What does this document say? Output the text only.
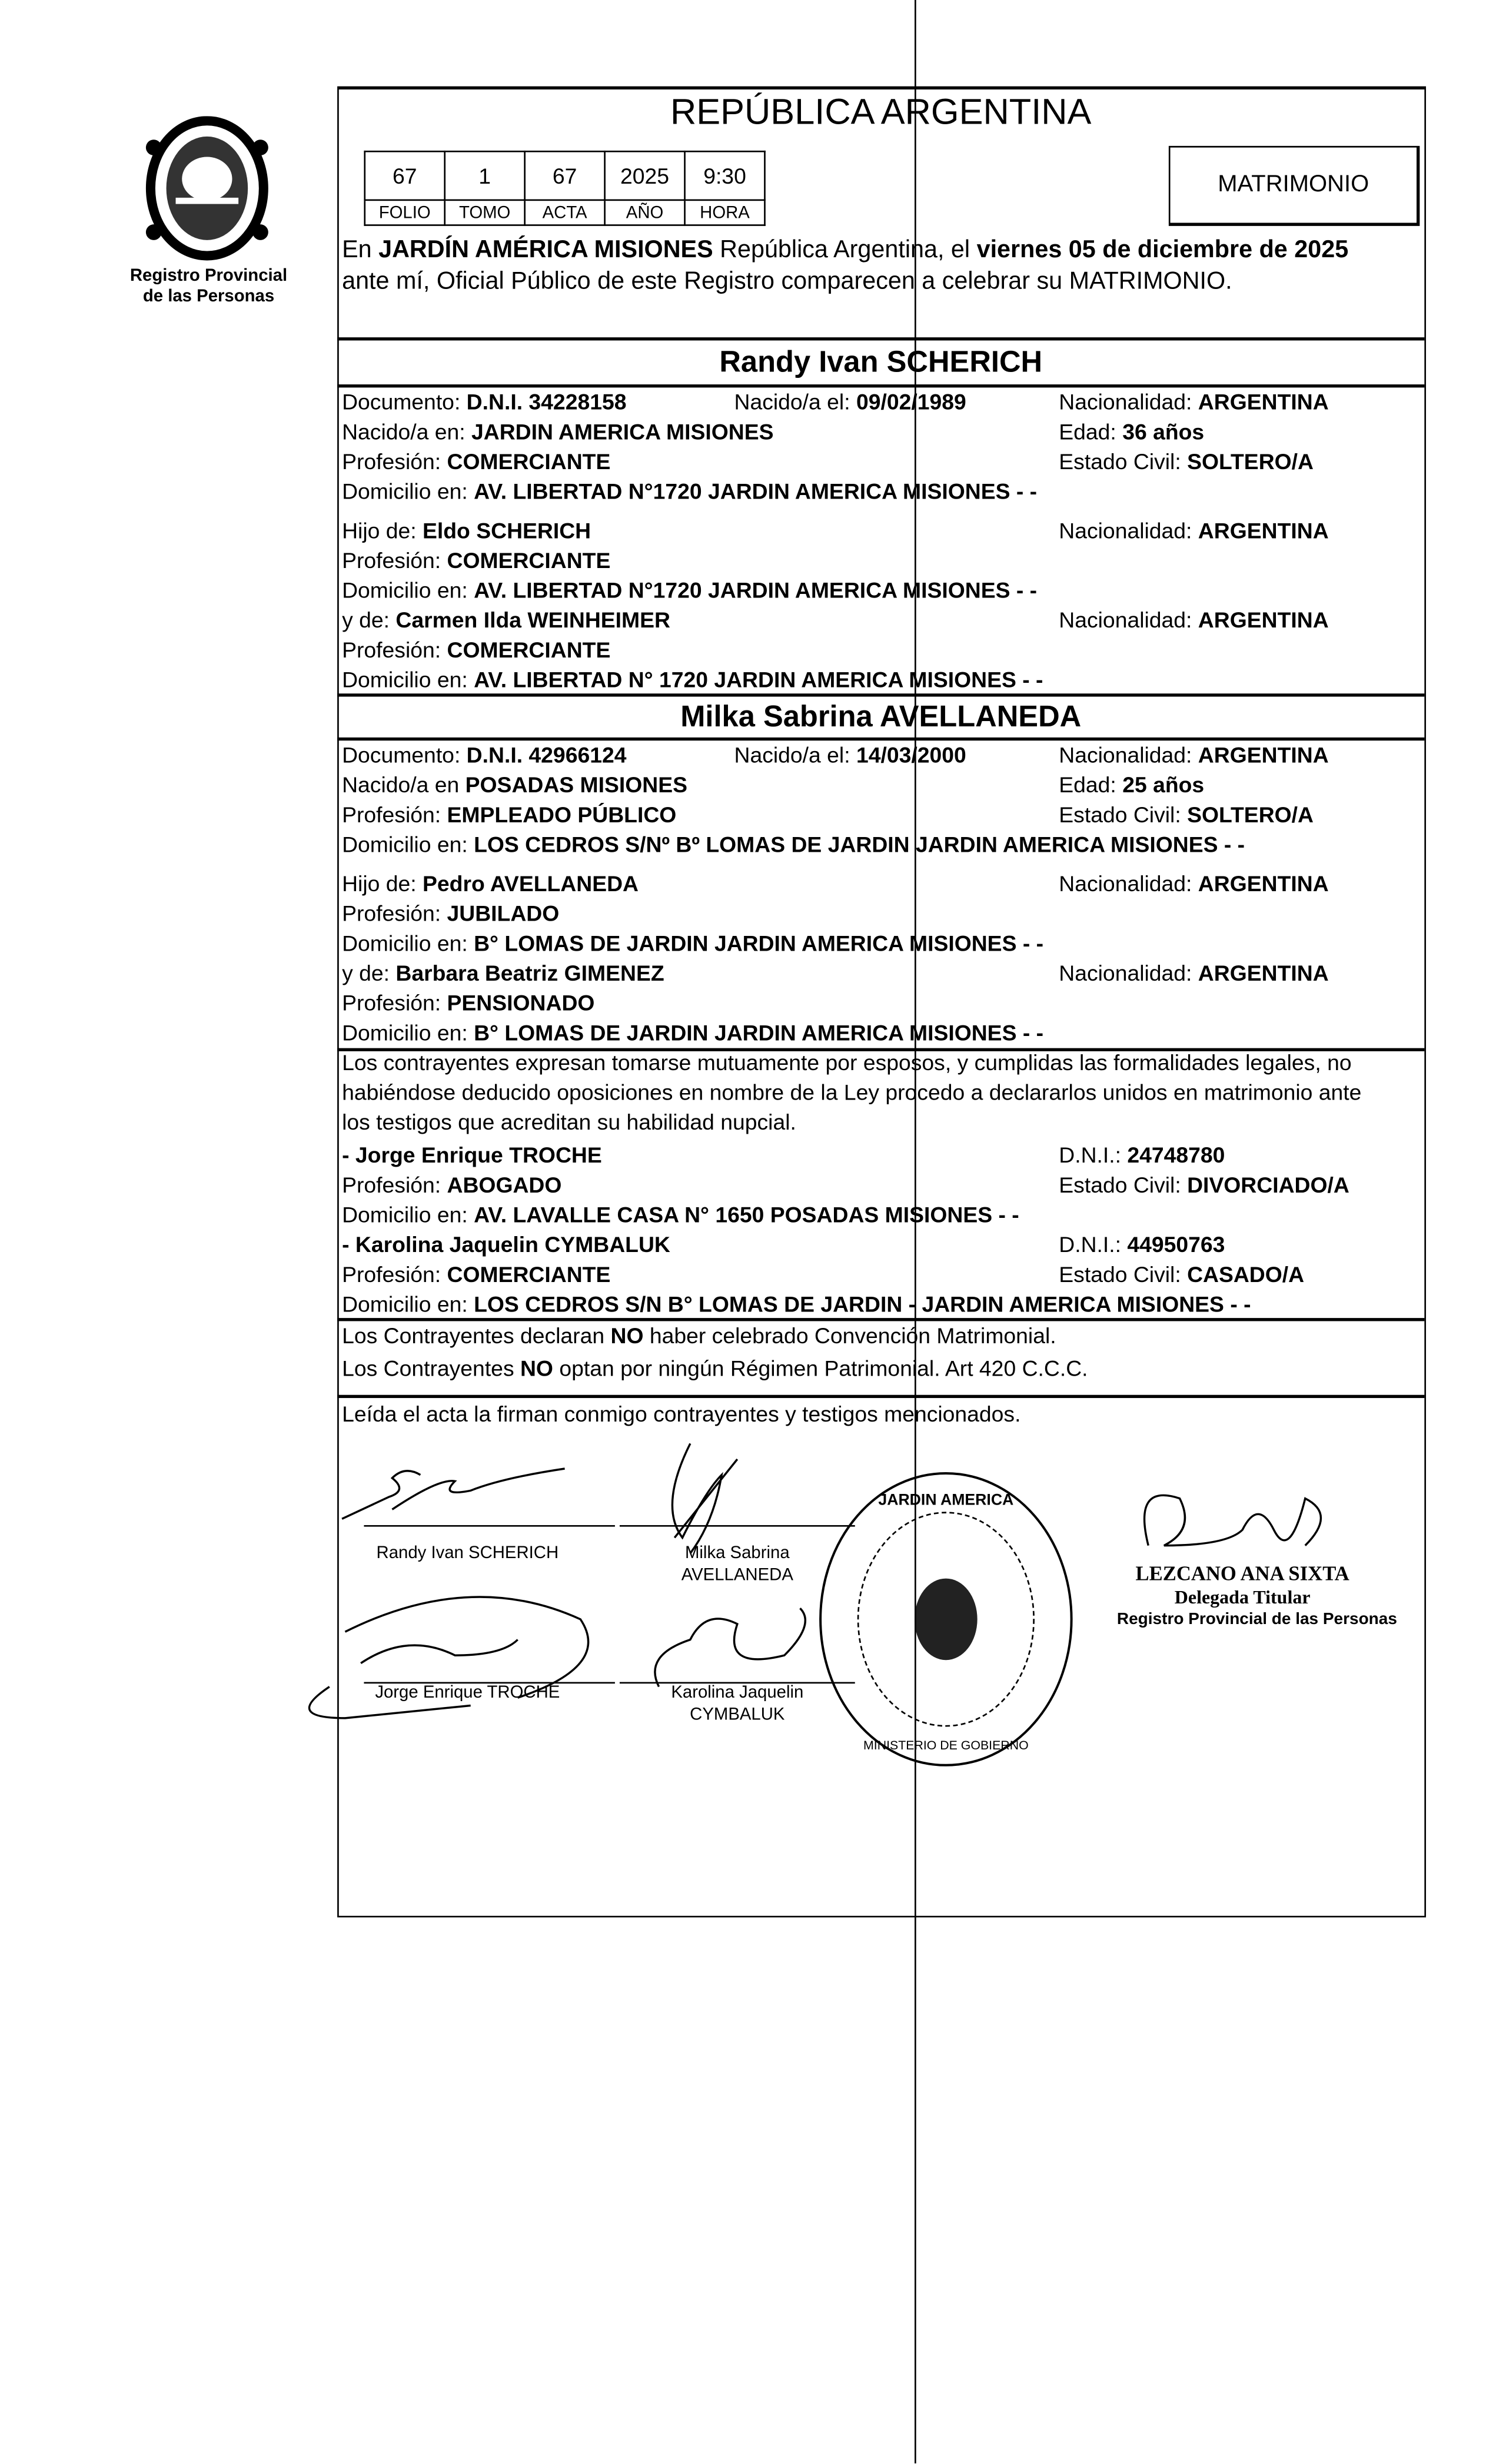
Registro Provincial
de las Personas
REPÚBLICA ARGENTINA
67	1	67	2025	9:30
FOLIO	TOMO	ACTA	AÑO	HORA
MATRIMONIO
En JARDÍN AMÉRICA MISIONES República Argentina, el viernes 05 de diciembre de 2025
ante mí, Oficial Público de este Registro comparecen a celebrar su MATRIMONIO.
Randy Ivan SCHERICH
Documento: D.N.I. 34228158	Nacido/a el: 09/02/1989	Nacionalidad: ARGENTINA
Nacido/a en: JARDIN AMERICA MISIONES	Edad: 36 años
Profesión: COMERCIANTE	Estado Civil: SOLTERO/A
Domicilio en: AV. LIBERTAD N°1720 JARDIN AMERICA MISIONES - -
Hijo de: Eldo SCHERICH	Nacionalidad: ARGENTINA
Profesión: COMERCIANTE
Domicilio en: AV. LIBERTAD N°1720 JARDIN AMERICA MISIONES - -
y de: Carmen Ilda WEINHEIMER	Nacionalidad: ARGENTINA
Profesión: COMERCIANTE
Domicilio en: AV. LIBERTAD N° 1720 JARDIN AMERICA MISIONES - -
Milka Sabrina AVELLANEDA
Documento: D.N.I. 42966124	Nacido/a el: 14/03/2000	Nacionalidad: ARGENTINA
Nacido/a en POSADAS MISIONES	Edad: 25 años
Profesión: EMPLEADO PÚBLICO	Estado Civil: SOLTERO/A
Domicilio en: LOS CEDROS S/Nº Bº LOMAS DE JARDIN JARDIN AMERICA MISIONES - -
Hijo de: Pedro AVELLANEDA	Nacionalidad: ARGENTINA
Profesión: JUBILADO
Domicilio en: B° LOMAS DE JARDIN JARDIN AMERICA MISIONES - -
y de: Barbara Beatriz GIMENEZ	Nacionalidad: ARGENTINA
Profesión: PENSIONADO
Domicilio en: B° LOMAS DE JARDIN JARDIN AMERICA MISIONES - -
Los contrayentes expresan tomarse mutuamente por esposos, y cumplidas las formalidades legales, no
habiéndose deducido oposiciones en nombre de la Ley procedo a declararlos unidos en matrimonio ante
los testigos que acreditan su habilidad nupcial.
- Jorge Enrique TROCHE	D.N.I.: 24748780
Profesión: ABOGADO	Estado Civil: DIVORCIADO/A
Domicilio en: AV. LAVALLE CASA N° 1650 POSADAS MISIONES - -
- Karolina Jaquelin CYMBALUK	D.N.I.: 44950763
Profesión: COMERCIANTE	Estado Civil: CASADO/A
Domicilio en: LOS CEDROS S/N B° LOMAS DE JARDIN - JARDIN AMERICA MISIONES - -
Los Contrayentes declaran NO haber celebrado Convención Matrimonial.
Los Contrayentes NO optan por ningún Régimen Patrimonial. Art 420 C.C.C.
Leída el acta la firman conmigo contrayentes y testigos mencionados.
Randy Ivan SCHERICH	Milka Sabrina
AVELLANEDA
Jorge Enrique TROCHE	Karolina Jaquelin
CYMBALUK
JARDIN AMERICA
MINISTERIO DE GOBIERNO
LEZCANO ANA SIXTA
Delegada Titular
Registro Provincial de las Personas
